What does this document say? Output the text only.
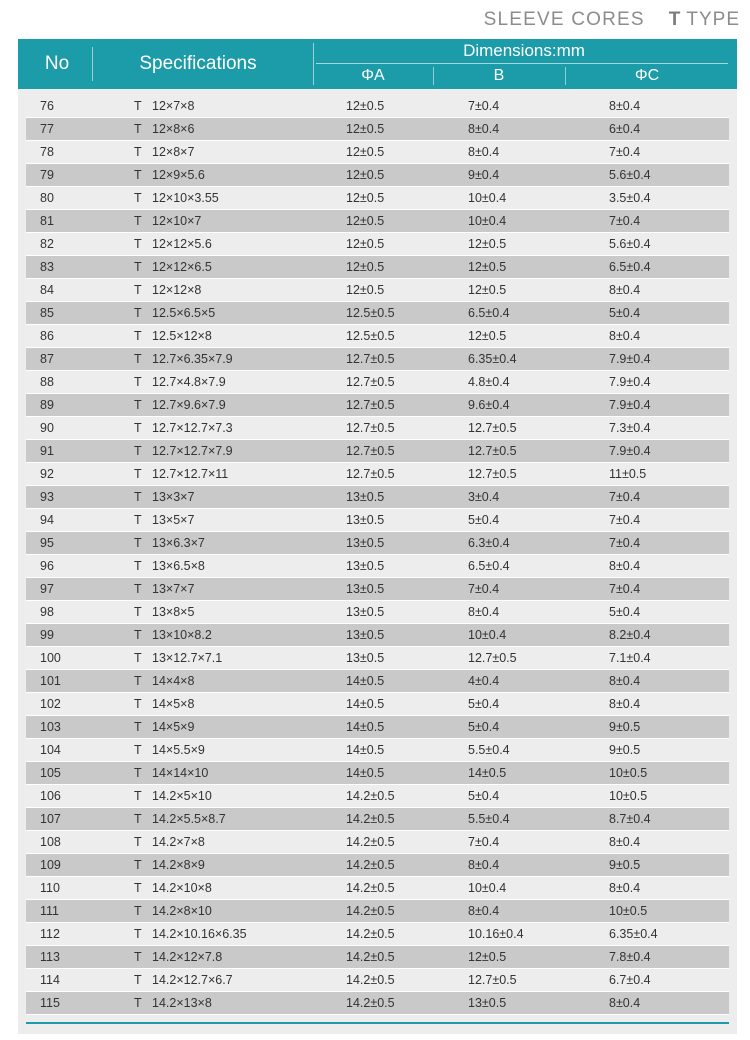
SLEEVE CORES T TYPE
No	Specifications
Dimensions:mm
ΦA	B	ΦC
76	T 12×7×8	12±0.5	7±0.4	8±0.4
77	T 12×8×6	12±0.5	8±0.4	6±0.4
78	T 12×8×7	12±0.5	8±0.4	7±0.4
79	T 12×9×5.6	12±0.5	9±0.4	5.6±0.4
80	T 12×10×3.55	12±0.5	10±0.4	3.5±0.4
81	T 12×10×7	12±0.5	10±0.4	7±0.4
82	T 12×12×5.6	12±0.5	12±0.5	5.6±0.4
83	T 12×12×6.5	12±0.5	12±0.5	6.5±0.4
84	T 12×12×8	12±0.5	12±0.5	8±0.4
85	T 12.5×6.5×5	12.5±0.5	6.5±0.4	5±0.4
86	T 12.5×12×8	12.5±0.5	12±0.5	8±0.4
87	T 12.7×6.35×7.9	12.7±0.5	6.35±0.4	7.9±0.4
88	T 12.7×4.8×7.9	12.7±0.5	4.8±0.4	7.9±0.4
89	T 12.7×9.6×7.9	12.7±0.5	9.6±0.4	7.9±0.4
90	T 12.7×12.7×7.3	12.7±0.5	12.7±0.5	7.3±0.4
91	T 12.7×12.7×7.9	12.7±0.5	12.7±0.5	7.9±0.4
92	T 12.7×12.7×11	12.7±0.5	12.7±0.5	11±0.5
93	T 13×3×7	13±0.5	3±0.4	7±0.4
94	T 13×5×7	13±0.5	5±0.4	7±0.4
95	T 13×6.3×7	13±0.5	6.3±0.4	7±0.4
96	T 13×6.5×8	13±0.5	6.5±0.4	8±0.4
97	T 13×7×7	13±0.5	7±0.4	7±0.4
98	T 13×8×5	13±0.5	8±0.4	5±0.4
99	T 13×10×8.2	13±0.5	10±0.4	8.2±0.4
100	T 13×12.7×7.1	13±0.5	12.7±0.5	7.1±0.4
101	T 14×4×8	14±0.5	4±0.4	8±0.4
102	T 14×5×8	14±0.5	5±0.4	8±0.4
103	T 14×5×9	14±0.5	5±0.4	9±0.5
104	T 14×5.5×9	14±0.5	5.5±0.4	9±0.5
105	T 14×14×10	14±0.5	14±0.5	10±0.5
106	T 14.2×5×10	14.2±0.5	5±0.4	10±0.5
107	T 14.2×5.5×8.7	14.2±0.5	5.5±0.4	8.7±0.4
108	T 14.2×7×8	14.2±0.5	7±0.4	8±0.4
109	T 14.2×8×9	14.2±0.5	8±0.4	9±0.5
110	T 14.2×10×8	14.2±0.5	10±0.4	8±0.4
111	T 14.2×8×10	14.2±0.5	8±0.4	10±0.5
112	T 14.2×10.16×6.35	14.2±0.5	10.16±0.4	6.35±0.4
113	T 14.2×12×7.8	14.2±0.5	12±0.5	7.8±0.4
114	T 14.2×12.7×6.7	14.2±0.5	12.7±0.5	6.7±0.4
115	T 14.2×13×8	14.2±0.5	13±0.5	8±0.4
